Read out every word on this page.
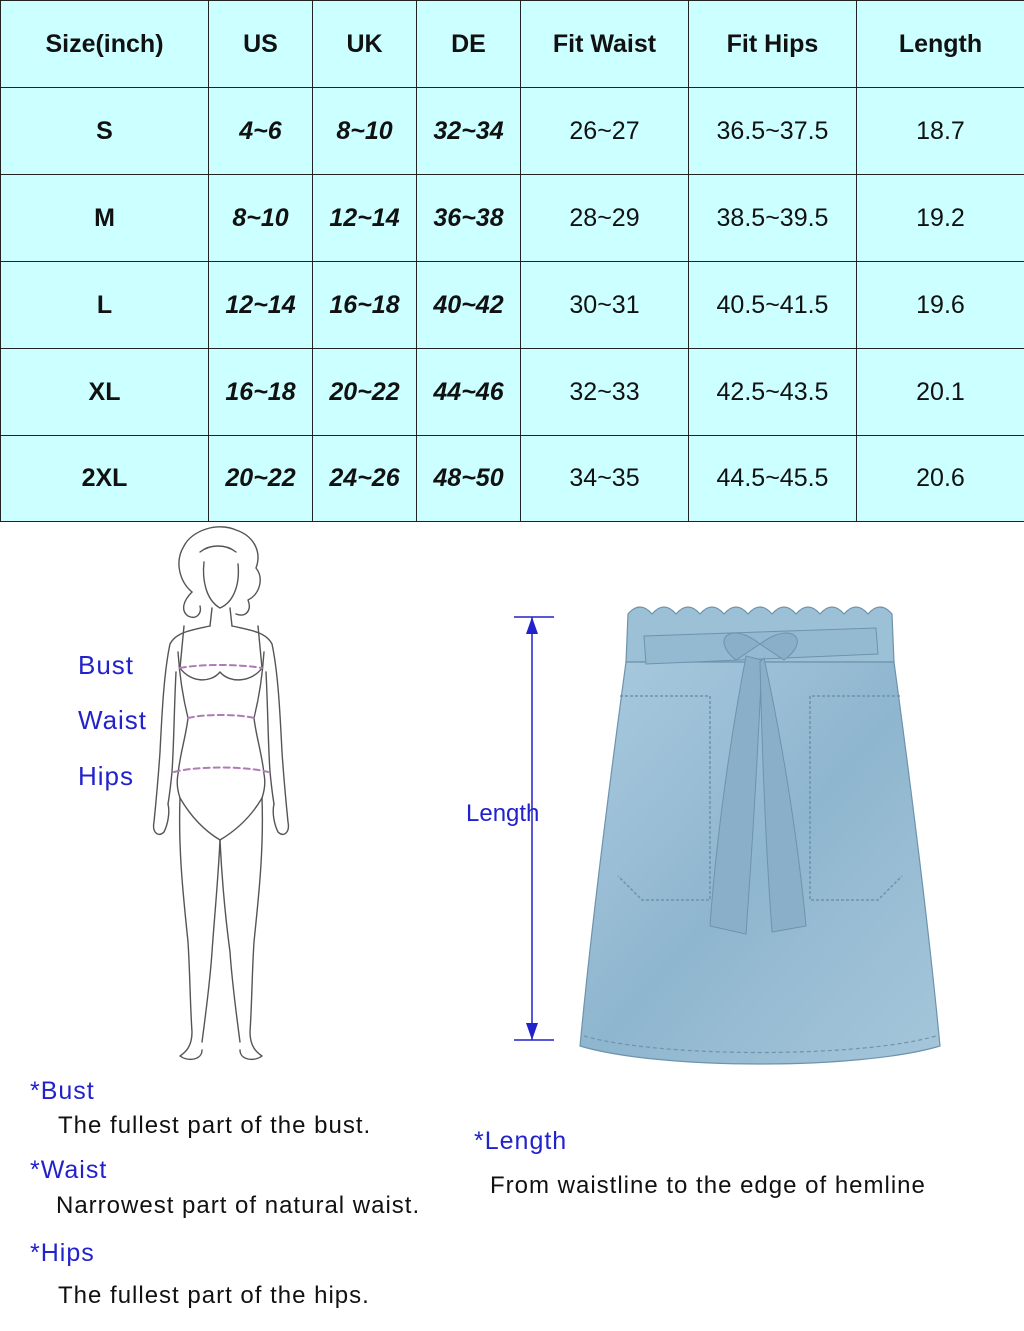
Size(inch)	US	UK	DE	Fit Waist	Fit Hips	Length
S	4~6	8~10	32~34	26~27	36.5~37.5	18.7
M	8~10	12~14	36~38	28~29	38.5~39.5	19.2
L	12~14	16~18	40~42	30~31	40.5~41.5	19.6
XL	16~18	20~22	44~46	32~33	42.5~43.5	20.1
2XL	20~22	24~26	48~50	34~35	44.5~45.5	20.6
Bust
Waist
Hips
Length
*Bust
The fullest part of the bust.
*Waist
Narrowest part of natural waist.
*Hips
The fullest part of the hips.
*Length
From waistline to the edge of hemline
